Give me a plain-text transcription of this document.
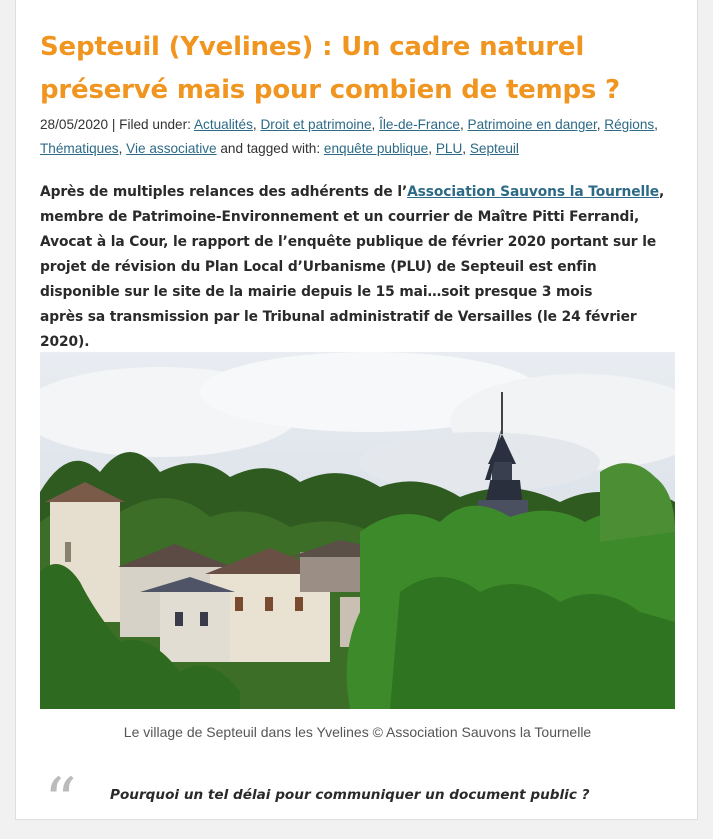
Septeuil (Yvelines) : Un cadre naturel préservé mais pour combien de temps ?
28/05/2020 | Filed under: Actualités, Droit et patrimoine, Île-de-France, Patrimoine en danger, Régions, Thématiques, Vie associative and tagged with: enquête publique, PLU, Septeuil
Après de multiples relances des adhérents de l’Association Sauvons la Tournelle, membre de Patrimoine-Environnement et un courrier de Maître Pitti Ferrandi, Avocat à la Cour, le rapport de l’enquête publique de février 2020 portant sur le projet de révision du Plan Local d’Urbanisme (PLU) de Septeuil est enfin disponible sur le site de la mairie depuis le 15 mai…soit presque 3 mois
après sa transmission par le Tribunal administratif de Versailles (le 24 février 2020).
Le village de Septeuil dans les Yvelines © Association Sauvons la Tournelle
“ Pourquoi un tel délai pour communiquer un document public ?
